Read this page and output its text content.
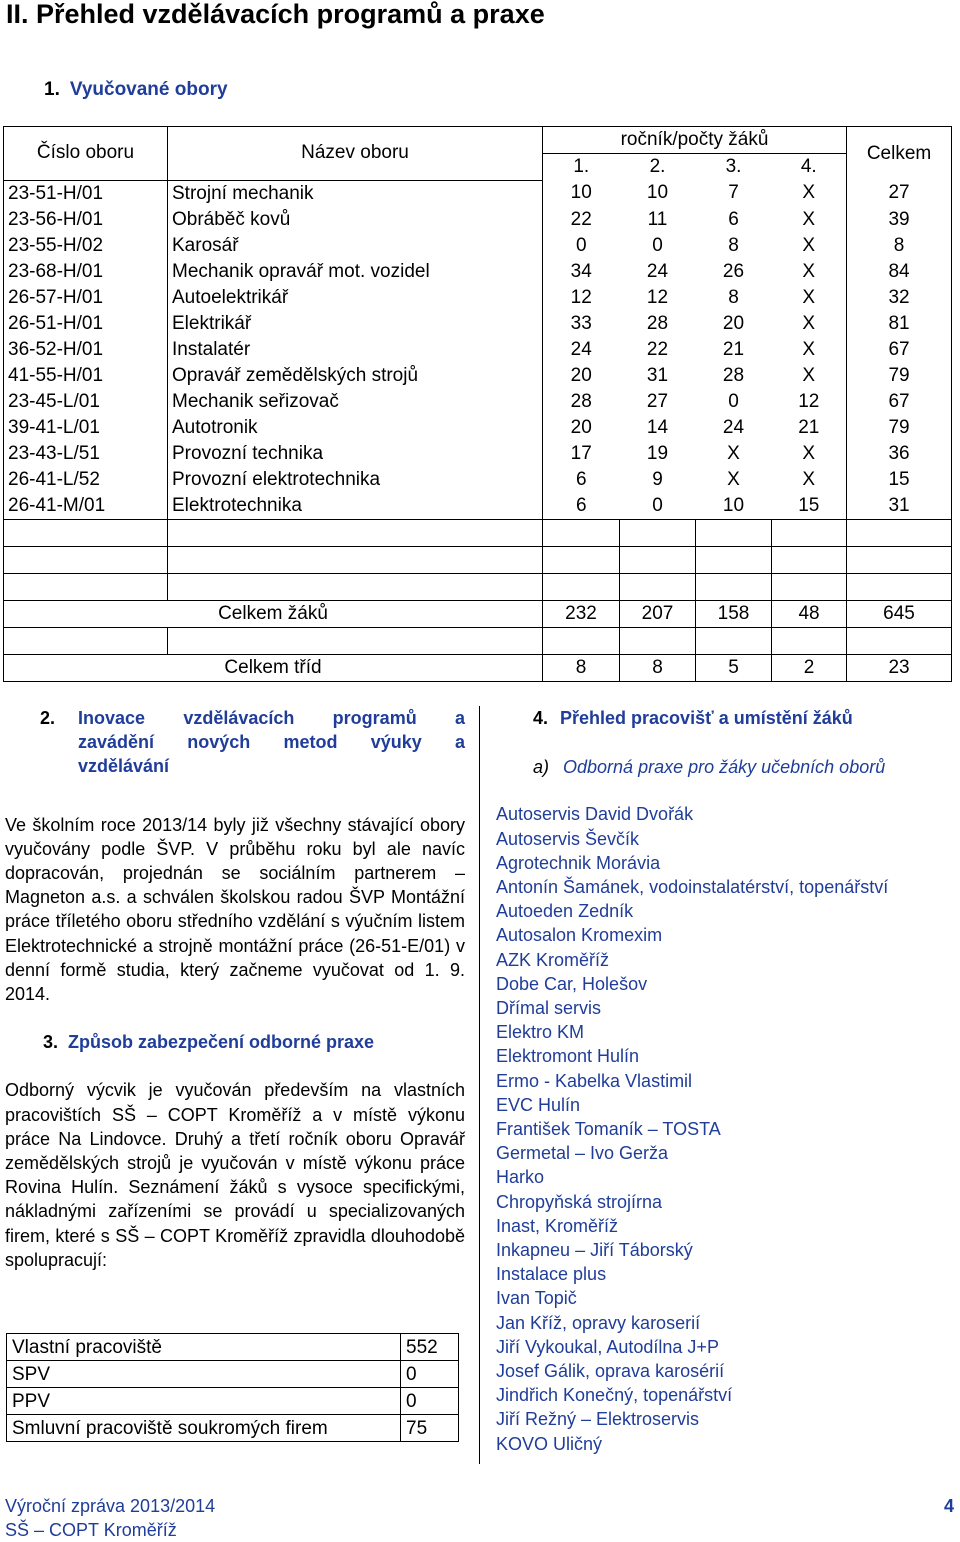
II. Přehled vzdělávacích programů a praxe
1. Vyučované obory
Číslo oboru	Název oboru	ročník/počty žáků				Celkem
		1.	2.	3.	4.	
23-51-H/01	Strojní mechanik	10	10	7	X	27
23-56-H/01	Obráběč kovů	22	11	6	X	39
23-55-H/02	Karosář	0	0	8	X	8
23-68-H/01	Mechanik opravář mot. vozidel	34	24	26	X	84
26-57-H/01	Autoelektrikář	12	12	8	X	32
26-51-H/01	Elektrikář	33	28	20	X	81
36-52-H/01	Instalatér	24	22	21	X	67
41-55-H/01	Opravář zemědělských strojů	20	31	28	X	79
23-45-L/01	Mechanik seřizovač	28	27	0	12	67
39-41-L/01	Autotronik	20	14	24	21	79
23-43-L/51	Provozní technika	17	19	X	X	36
26-41-L/52	Provozní elektrotechnika	6	9	X	X	15
26-41-M/01	Elektrotechnika	6	0	10	15	31

Celkem žáků		232	207	158	48	645

Celkem tříd		8	8	5	2	23
2.	Inovace vzdělávacích programů a
zavádění nových metod výuky a
vzdělávání

Ve školním roce 2013/14 byly již všechny stávající obory vyučovány podle ŠVP. V průběhu roku byl ale navíc dopracován, projednán se sociálním partnerem – Magneton a.s. a schválen školskou radou ŠVP Montážní práce tříletého oboru středního vzdělání s výučním listem Elektrotechnické a strojně montážní práce (26-51-E/01) v denní formě studia, který začneme vyučovat od 1. 9. 2014.

3. Způsob zabezpečení odborné praxe

Odborný výcvik je vyučován především na vlastních pracovištích SŠ – COPT Kroměříž a v místě výkonu práce Na Lindovce. Druhý a třetí ročník oboru Opravář zemědělských strojů je vyučován v místě výkonu práce Rovina Hulín. Seznámení žáků s vysoce specifickými, nákladnými zařízeními se provádí u specializovaných firem, které s SŠ – COPT Kroměříž zpravidla dlouhodobě spolupracují:

Vlastní pracoviště	552
SPV	0
PPV	0
Smluvní pracoviště soukromých firem	75
4. Přehled pracovišť a umístění žáků
a) Odborná praxe pro žáky učebních oborů
Autoservis David Dvořák
Autoservis Ševčík
Agrotechnik Morávia
Antonín Šamánek, vodoinstalatérství, topenářství
Autoeden Zedník
Autosalon Kromexim
AZK Kroměříž
Dobe Car, Holešov
Dřímal servis
Elektro KM
Elektromont Hulín
Ermo - Kabelka Vlastimil
EVC Hulín
František Tomaník – TOSTA
Germetal – Ivo Gerža
Harko
Chropyňská strojírna
Inast, Kroměříž
Inkapneu – Jiří Táborský
Instalace plus
Ivan Topič
Jan Kříž, opravy karoserií
Jiří Vykoukal, Autodílna J+P
Josef Gálik, oprava karosérií
Jindřich Konečný, topenářství
Jiří Režný – Elektroservis
KOVO Uličný
Výroční zpráva 2013/2014
SŠ – COPT Kroměříž
4
